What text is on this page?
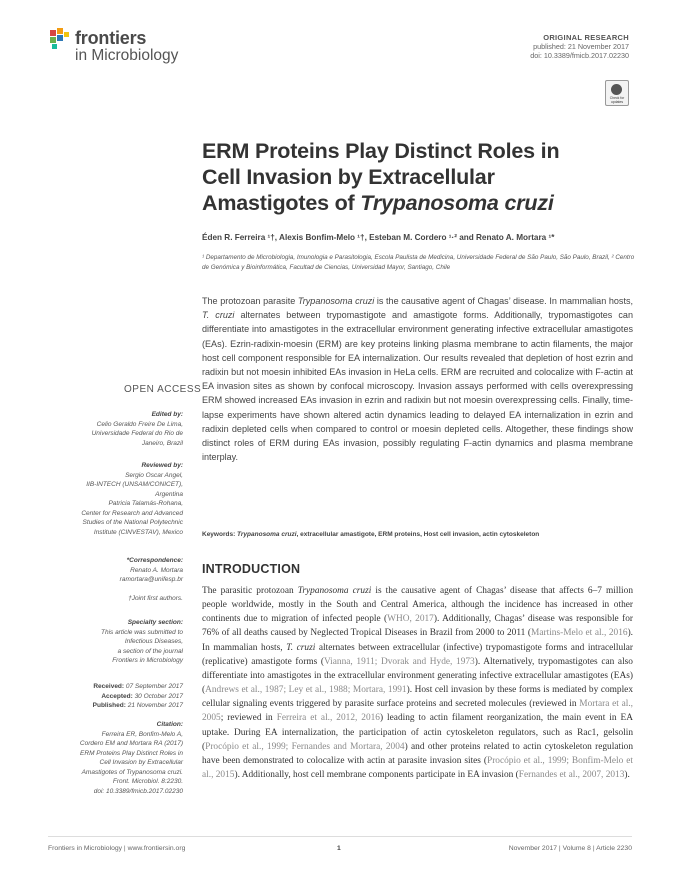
frontiers
in Microbiology
ORIGINAL RESEARCH
published: 21 November 2017
doi: 10.3389/fmicb.2017.02230
Check for updates
ERM Proteins Play Distinct Roles in
Cell Invasion by Extracellular
Amastigotes of Trypanosoma cruzi
Éden R. Ferreira ¹†, Alexis Bonfim-Melo ¹†, Esteban M. Cordero ¹·² and Renato A. Mortara ¹*
¹ Departamento de Microbiologia, Imunologia e Parasitologia, Escola Paulista de Medicina, Universidade Federal de São Paulo, São Paulo, Brazil, ² Centro de Genómica y Bioinformática, Facultad de Ciencias, Universidad Mayor, Santiago, Chile
The protozoan parasite Trypanosoma cruzi is the causative agent of Chagas’ disease. In mammalian hosts, T. cruzi alternates between trypomastigote and amastigote forms. Additionally, trypomastigotes can differentiate into amastigotes in the extracellular environment generating infective extracellular amastigotes (EAs). Ezrin-radixin-moesin (ERM) are key proteins linking plasma membrane to actin filaments, the major host cell component responsible for EA internalization. Our results revealed that depletion of host ezrin and radixin but not moesin inhibited EAs invasion in HeLa cells. ERM are recruited and colocalize with F-actin at EA invasion sites as shown by confocal microscopy. Invasion assays performed with cells overexpressing ERM showed increased EAs invasion in ezrin and radixin but not moesin overexpressing cells. Finally, time-lapse experiments have shown altered actin dynamics leading to delayed EA internalization in ezrin and radixin depleted cells when compared to control or moesin depleted cells. Altogether, these findings show distinct roles of ERM during EAs invasion, possibly regulating F-actin dynamics and plasma membrane interplay.
Keywords: Trypanosoma cruzi, extracellular amastigote, ERM proteins, Host cell invasion, actin cytoskeleton
OPEN ACCESS
Edited by:
Celio Geraldo Freire De Lima,
Universidade Federal do Rio de
Janeiro, Brazil
Reviewed by:
Sergio Oscar Angel,
IIB-INTECH (UNSAM/CONICET),
Argentina
Patricia Talamás-Rohana,
Center for Research and Advanced
Studies of the National Polytechnic
Institute (CINVESTAV), Mexico
*Correspondence:
Renato A. Mortara
ramortara@unifesp.br
†Joint first authors.
Specialty section:
This article was submitted to
Infectious Diseases,
a section of the journal
Frontiers in Microbiology
Received: 07 September 2017
Accepted: 30 October 2017
Published: 21 November 2017
Citation:
Ferreira ER, Bonfim-Melo A,
Cordero EM and Mortara RA (2017)
ERM Proteins Play Distinct Roles in
Cell Invasion by Extracellular
Amastigotes of Trypanosoma cruzi.
Front. Microbiol. 8:2230.
doi: 10.3389/fmicb.2017.02230
INTRODUCTION
The parasitic protozoan Trypanosoma cruzi is the causative agent of Chagas’ disease that affects 6–7 million people worldwide, mostly in the South and Central America, although the incidence has increased in other continents due to migration of infected people (WHO, 2017). Additionally, Chagas’ disease was responsible for 76% of all deaths caused by Neglected Tropical Diseases in Brazil from 2000 to 2011 (Martins-Melo et al., 2016). In mammalian hosts, T. cruzi alternates between extracellular (infective) trypomastigote forms and intracellular (replicative) amastigote forms (Vianna, 1911; Dvorak and Hyde, 1973). Alternatively, trypomastigotes can also differentiate into amastigotes in the extracellular environment generating infective extracellular amastigotes (EAs) (Andrews et al., 1987; Ley et al., 1988; Mortara, 1991). Host cell invasion by these forms is mediated by complex cellular signaling events triggered by parasite surface proteins and secreted molecules (reviewed in Mortara et al., 2005; reviewed in Ferreira et al., 2012, 2016) leading to actin filament reorganization, the main event in EA uptake. During EA internalization, the participation of actin cytoskeleton regulators, such as Rac1, gelsolin (Procópio et al., 1999; Fernandes and Mortara, 2004) and other proteins related to actin cytoskeleton regulation have been demonstrated to colocalize with actin at parasite invasion sites (Procópio et al., 1999; Bonfim-Melo et al., 2015). Additionally, host cell membrane components participate in EA invasion (Fernandes et al., 2007, 2013).
Frontiers in Microbiology | www.frontiersin.org	1	November 2017 | Volume 8 | Article 2230
